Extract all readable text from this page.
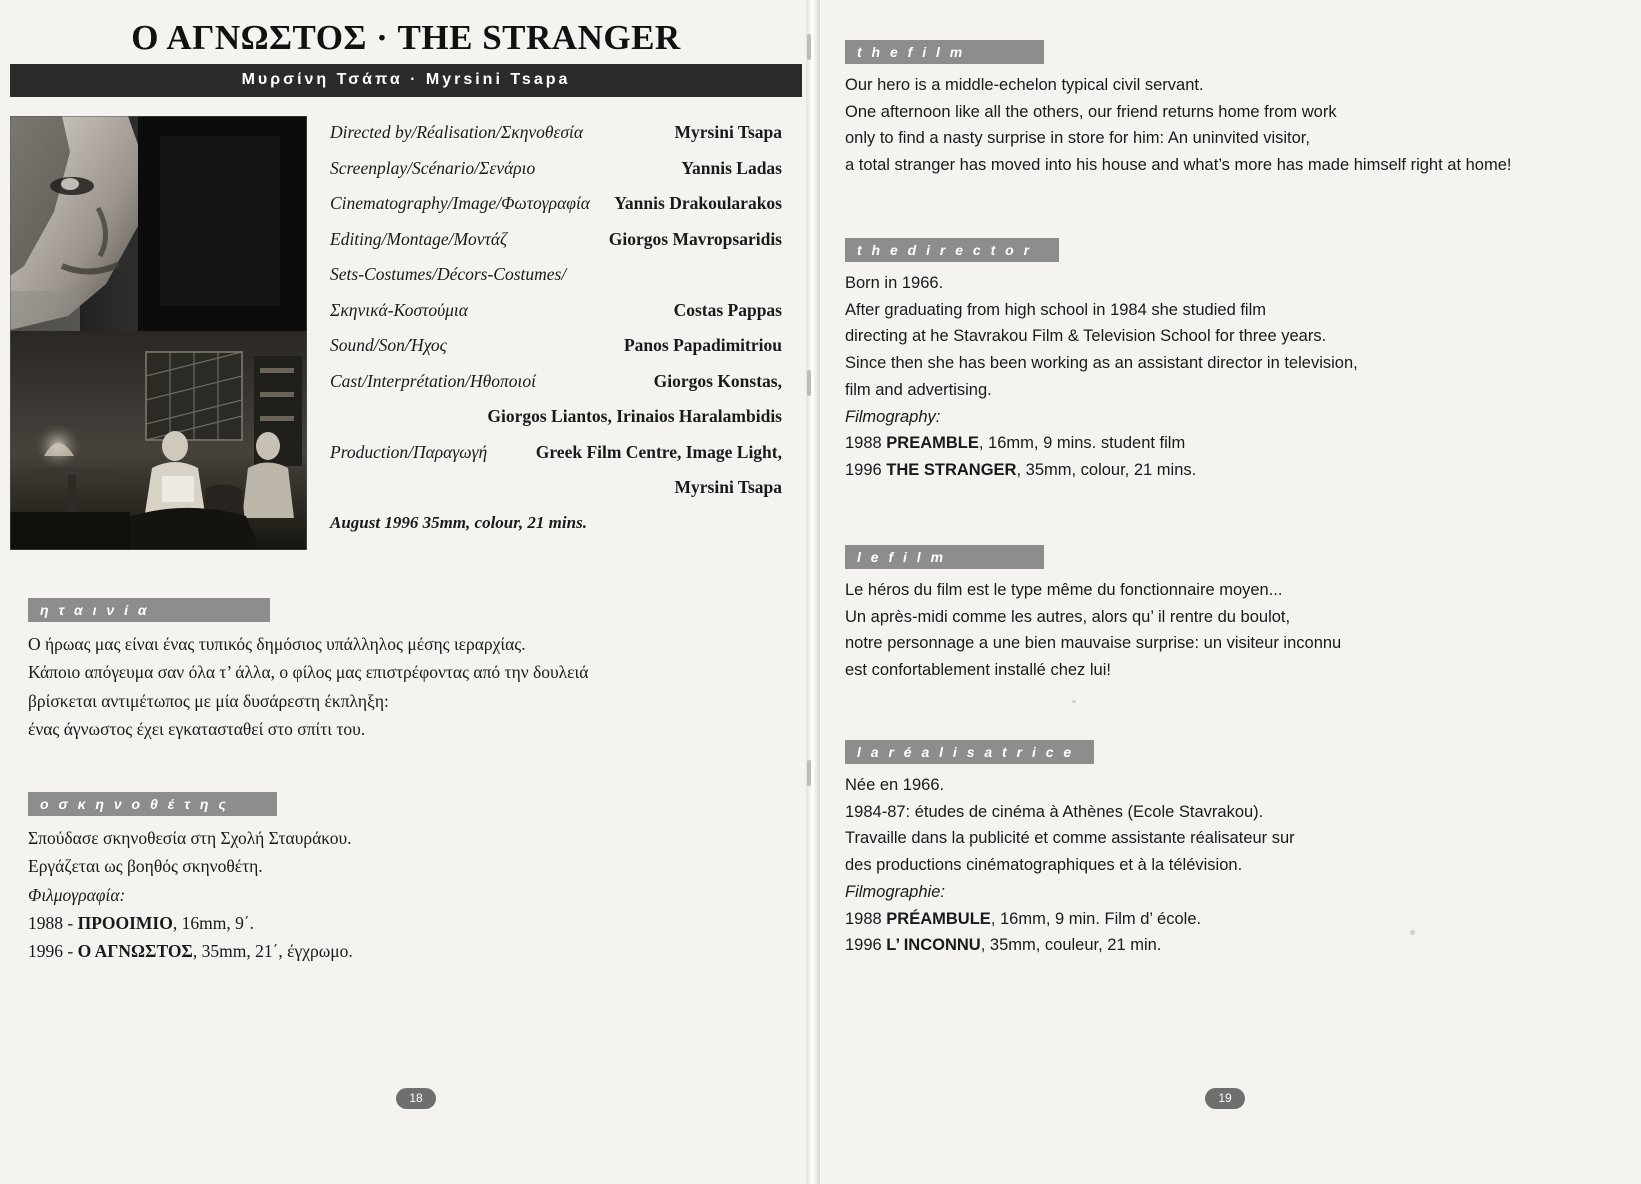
Ο ΑΓΝΩΣΤΟΣ · THE STRANGER
Μυρσίνη Τσάπα · Myrsini Tsapa
Directed by/Réalisation/Σκηνοθεσία	Myrsini Tsapa
Screenplay/Scénario/Σενάριο	Yannis Ladas
Cinematography/Image/Φωτογραφία	Yannis Drakoularakos
Editing/Montage/Μοντάζ	Giorgos Mavropsaridis
Sets-Costumes/Décors-Costumes/
Σκηνικά-Κοστούμια	Costas Pappas
Sound/Son/Ήχος	Panos Papadimitriou
Cast/Interprétation/Ηθοποιοί	Giorgos Konstas,
Giorgos Liantos, Irinaios Haralambidis
Production/Παραγωγή	Greek Film Centre, Image Light,
Myrsini Tsapa
August 1996 35mm, colour, 21 mins.
η τ α ι ν ί α
Ο ήρωας μας είναι ένας τυπικός δημόσιος υπάλληλος μέσης ιεραρχίας.
Κάποιο απόγευμα σαν όλα τ’ άλλα, ο φίλος μας επιστρέφοντας από την δουλειά
βρίσκεται αντιμέτωπος με μία δυσάρεστη έκπληξη:
ένας άγνωστος έχει εγκατασταθεί στο σπίτι του.
ο σ κ η ν ο θ έ τ η ς
Σπούδασε σκηνοθεσία στη Σχολή Σταυράκου.
Εργάζεται ως βοηθός σκηνοθέτη.
Φιλμογραφία:
1988 - ΠΡΟΟΙΜΙΟ, 16mm, 9΄.
1996 - Ο ΑΓΝΩΣΤΟΣ, 35mm, 21΄, έγχρωμο.
18
t h e f i l m
Our hero is a middle-echelon typical civil servant.
One afternoon like all the others, our friend returns home from work
only to find a nasty surprise in store for him: An uninvited visitor,
a total stranger has moved into his house and what’s more has made himself right at home!
t h e d i r e c t o r
Born in 1966.
After graduating from high school in 1984 she studied film
directing at he Stavrakou Film & Television School for three years.
Since then she has been working as an assistant director in television,
film and advertising.
Filmography:
1988 PREAMBLE, 16mm, 9 mins. student film
1996 THE STRANGER, 35mm, colour, 21 mins.
l e f i l m
Le héros du film est le type même du fonctionnaire moyen...
Un après-midi comme les autres, alors qu’ il rentre du boulot,
notre personnage a une bien mauvaise surprise: un visiteur inconnu
est confortablement installé chez lui!
l a r é a l i s a t r i c e
Née en 1966.
1984-87: études de cinéma à Athènes (Ecole Stavrakou).
Travaille dans la publicité et comme assistante réalisateur sur
des productions cinématographiques et à la télévision.
Filmographie:
1988 PRÉAMBULE, 16mm, 9 min. Film d’ école.
1996 L’ INCONNU, 35mm, couleur, 21 min.
19
